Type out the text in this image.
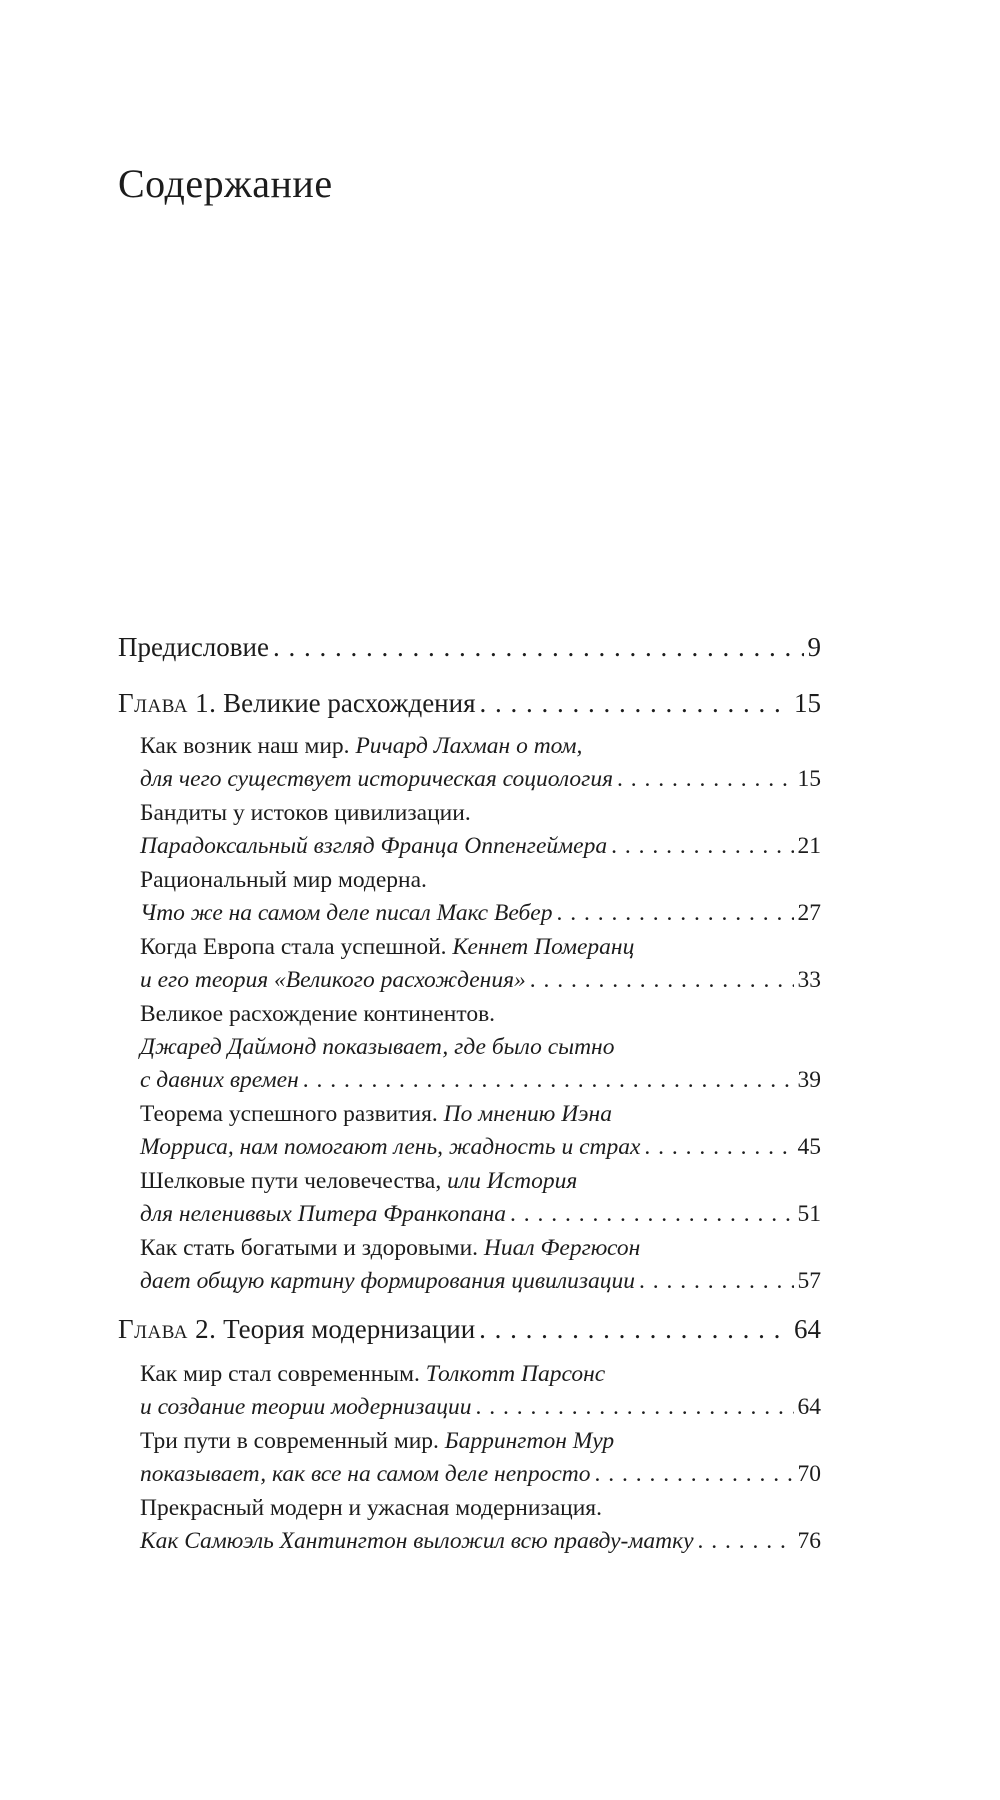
Содержание
Предисловие . . .	9
Глава 1. Великие расхождения . . .	15
Как возник наш мир. Ричард Лахман о том,
для чего существует историческая социология . . .	15
Бандиты у истоков цивилизации.
Парадоксальный взгляд Франца Оппенгеймера . . .	21
Рациональный мир модерна.
Что же на самом деле писал Макс Вебер . . .	27
Когда Европа стала успешной. Кеннет Померанц
и его теория «Великого расхождения» . . .	33
Великое расхождение континентов.
Джаред Даймонд показывает, где было сытно
с давних времен . . .	39
Теорема успешного развития. По мнению Иэна
Морриса, нам помогают лень, жадность и страх . . .	45
Шелковые пути человечества, или История
для нелениввых Питера Франкопана . . .	51
Как стать богатыми и здоровыми. Ниал Фергюсон
дает общую картину формирования цивилизации . . .	57
Глава 2. Теория модернизации . . .	64
Как мир стал современным. Толкотт Парсонс
и создание теории модернизации . . .	64
Три пути в современный мир. Баррингтон Мур
показывает, как все на самом деле непросто . . .	70
Прекрасный модерн и ужасная модернизация.
Как Самюэль Хантингтон выложил всю правду-матку . . .	76
